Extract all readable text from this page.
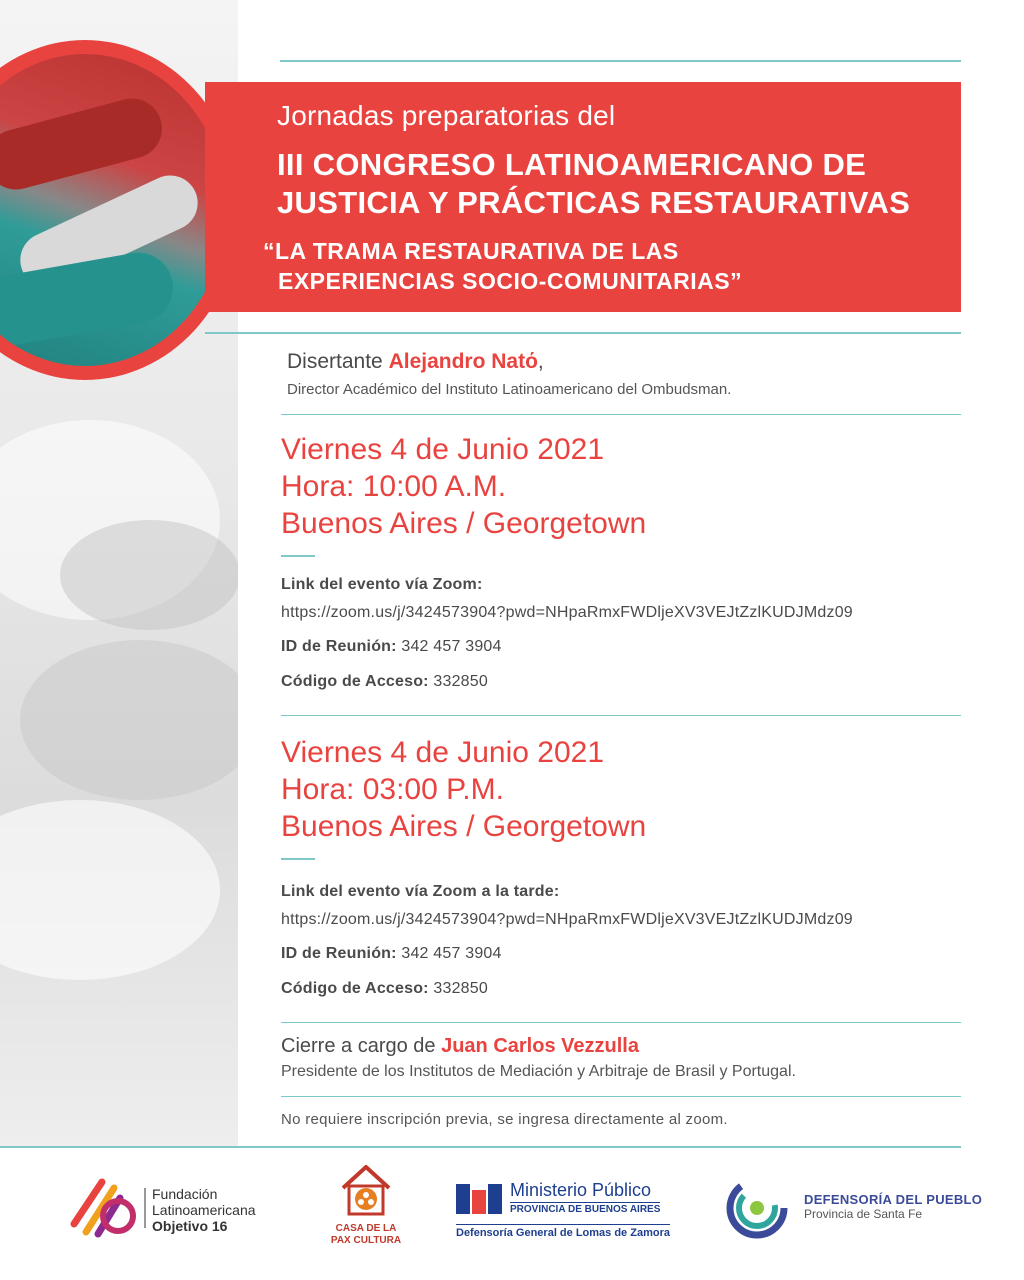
Jornadas preparatorias del
III CONGRESO LATINOAMERICANO DE
JUSTICIA Y PRÁCTICAS RESTAURATIVAS
“LA TRAMA RESTAURATIVA DE LAS
EXPERIENCIAS SOCIO-COMUNITARIAS”
Disertante Alejandro Natό,
Director Académico del Instituto Latinoamericano del Ombudsman.
Viernes 4 de Junio 2021
Hora: 10:00 A.M.
Buenos Aires / Georgetown
Link del evento vía Zoom:
https://zoom.us/j/3424573904?pwd=NHpaRmxFWDljeXV3VEJtZzlKUDJMdz09
ID de Reunión: 342 457 3904
Código de Acceso: 332850
Viernes 4 de Junio 2021
Hora: 03:00 P.M.
Buenos Aires / Georgetown
Link del evento vía Zoom a la tarde:
https://zoom.us/j/3424573904?pwd=NHpaRmxFWDljeXV3VEJtZzlKUDJMdz09
ID de Reunión: 342 457 3904
Código de Acceso: 332850
Cierre a cargo de Juan Carlos Vezzulla
Presidente de los Institutos de Mediación y Arbitraje de Brasil y Portugal.
No requiere inscripción previa, se ingresa directamente al zoom.
Fundación
Latinoamericana
Objetivo 16	CASA DE LA
PAX CULTURA
Ministerio Público
PROVINCIA DE BUENOS AIRES
Defensoría General de Lomas de Zamora
DEFENSORÍA DEL PUEBLO
Provincia de Santa Fe
